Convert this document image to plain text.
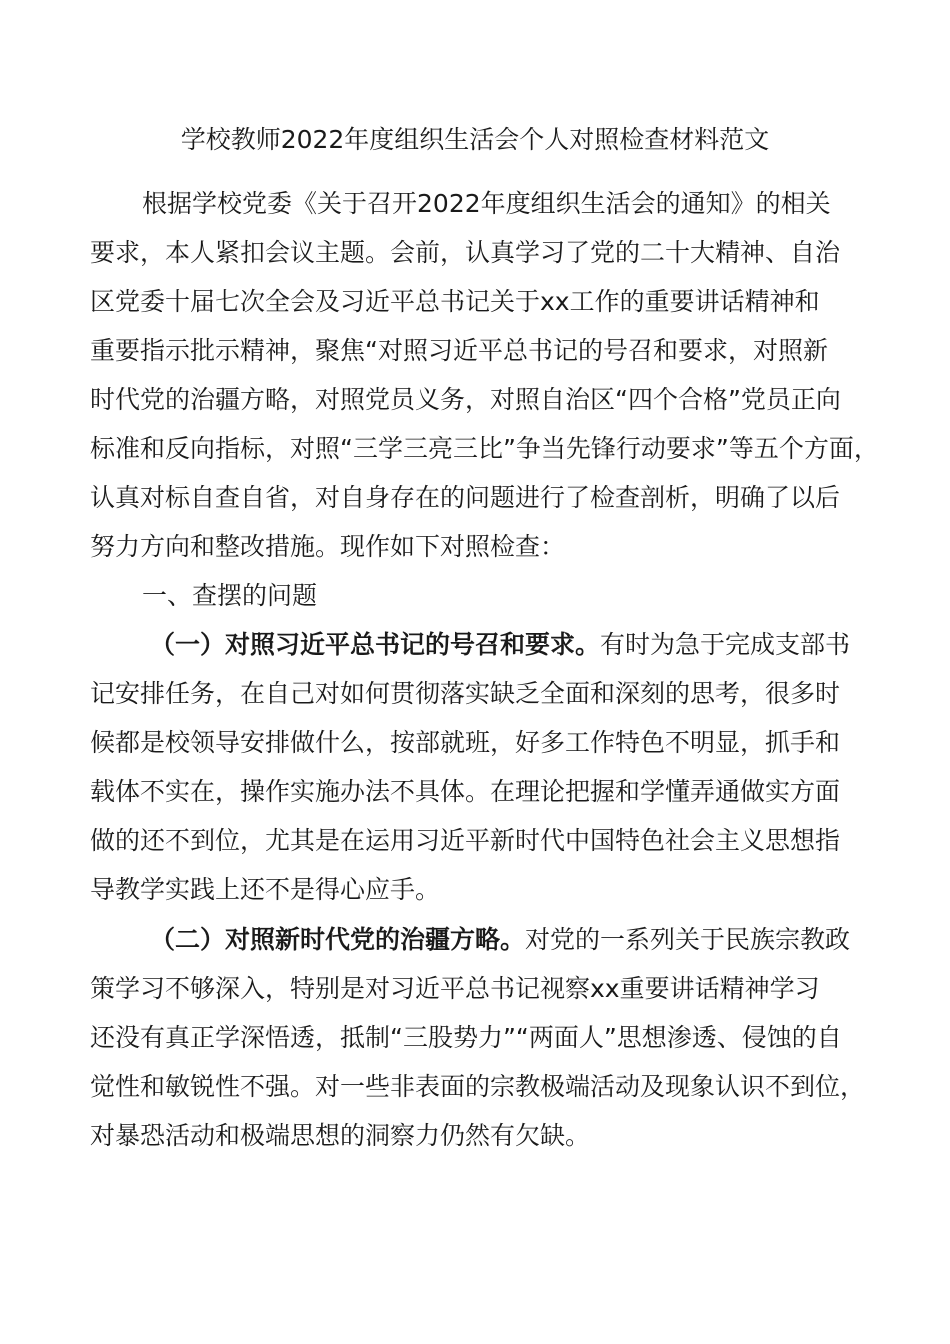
学校教师2022年度组织生活会个人对照检查材料范文
根据学校党委《关于召开2022年度组织生活会的通知》的相关
要求，本人紧扣会议主题。会前，认真学习了党的二十大精神、自治
区党委十届七次全会及习近平总书记关于xx工作的重要讲话精神和
重要指示批示精神，聚焦“对照习近平总书记的号召和要求，对照新
时代党的治疆方略，对照党员义务，对照自治区“四个合格”党员正向
标准和反向指标，对照“三学三亮三比”争当先锋行动要求”等五个方面，
认真对标自查自省，对自身存在的问题进行了检查剖析，明确了以后
努力方向和整改措施。现作如下对照检查：
一、查摆的问题
（一）对照习近平总书记的号召和要求。有时为急于完成支部书
记安排任务，在自己对如何贯彻落实缺乏全面和深刻的思考，很多时
候都是校领导安排做什么，按部就班，好多工作特色不明显，抓手和
载体不实在，操作实施办法不具体。在理论把握和学懂弄通做实方面
做的还不到位，尤其是在运用习近平新时代中国特色社会主义思想指
导教学实践上还不是得心应手。
（二）对照新时代党的治疆方略。对党的一系列关于民族宗教政
策学习不够深入，特别是对习近平总书记视察xx重要讲话精神学习
还没有真正学深悟透，抵制“三股势力”“两面人”思想渗透、侵蚀的自
觉性和敏锐性不强。对一些非表面的宗教极端活动及现象认识不到位，
对暴恐活动和极端思想的洞察力仍然有欠缺。
